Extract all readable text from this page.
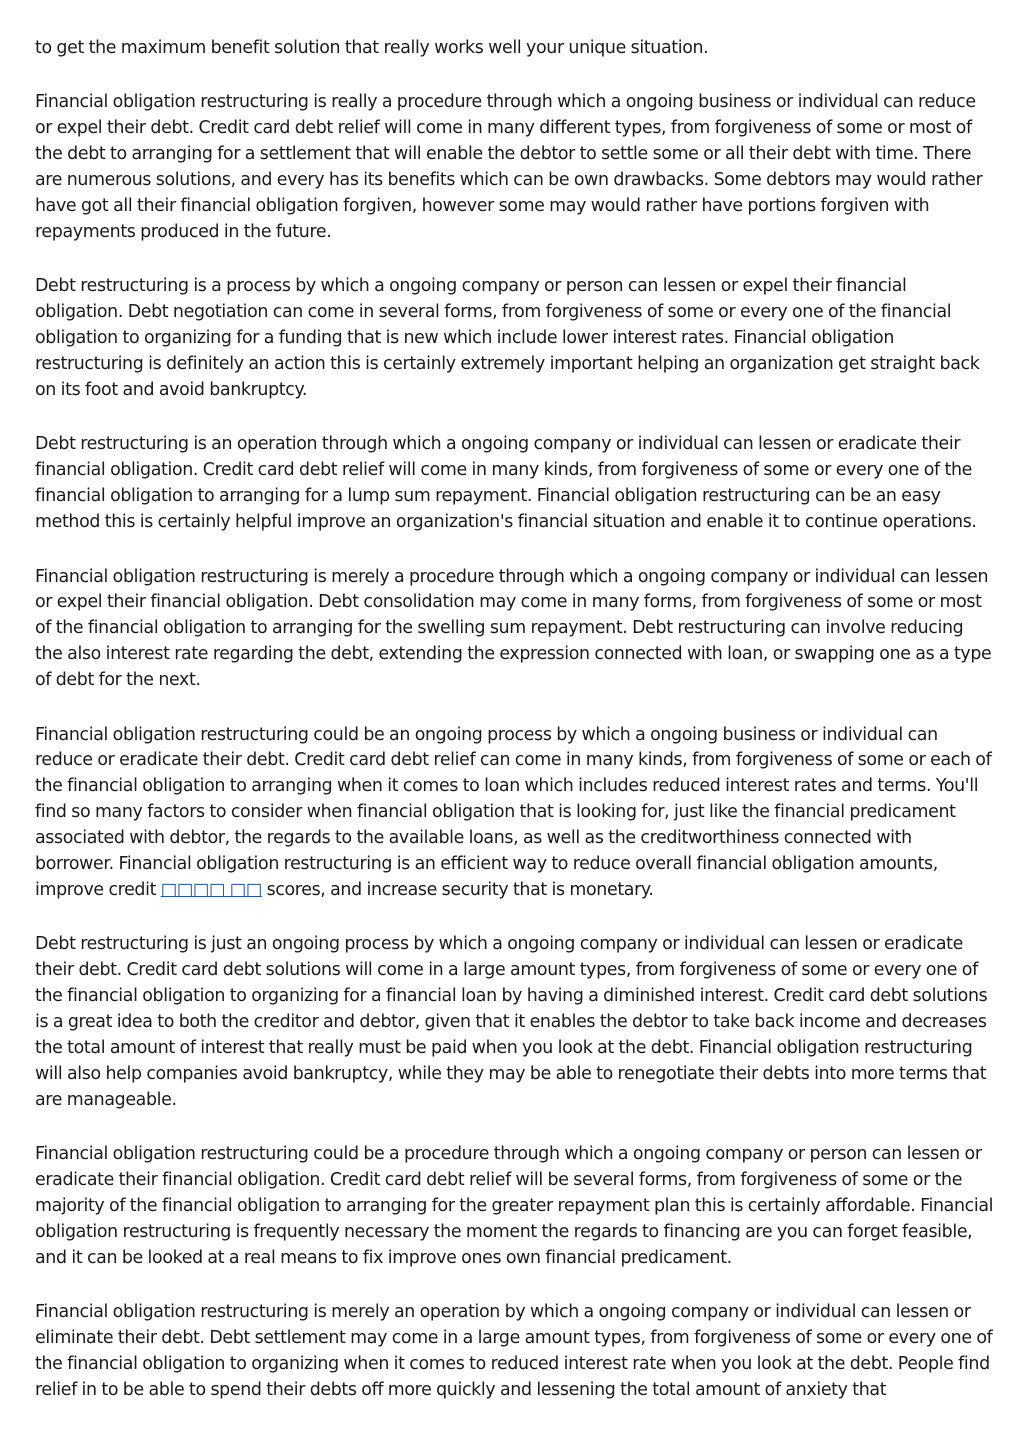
to get the maximum benefit solution that really works well your unique situation.

Financial obligation restructuring is really a procedure through which a ongoing business or individual can reduce or expel their debt. Credit card debt relief will come in many different types, from forgiveness of some or most of the debt to arranging for a settlement that will enable the debtor to settle some or all their debt with time. There are numerous solutions, and every has its benefits which can be own drawbacks. Some debtors may would rather have got all their financial obligation forgiven, however some may would rather have portions forgiven with repayments produced in the future.

Debt restructuring is a process by which a ongoing company or person can lessen or expel their financial obligation. Debt negotiation can come in several forms, from forgiveness of some or every one of the financial obligation to organizing for a funding that is new which include lower interest rates. Financial obligation restructuring is definitely an action this is certainly extremely important helping an organization get straight back on its foot and avoid bankruptcy.

Debt restructuring is an operation through which a ongoing company or individual can lessen or eradicate their financial obligation. Credit card debt relief will come in many kinds, from forgiveness of some or every one of the financial obligation to arranging for a lump sum repayment. Financial obligation restructuring can be an easy method this is certainly helpful improve an organization's financial situation and enable it to continue operations.

Financial obligation restructuring is merely a procedure through which a ongoing company or individual can lessen or expel their financial obligation. Debt consolidation may come in many forms, from forgiveness of some or most of the financial obligation to arranging for the swelling sum repayment. Debt restructuring can involve reducing the also interest rate regarding the debt, extending the expression connected with loan, or swapping one as a type of debt for the next.

Financial obligation restructuring could be an ongoing process by which a ongoing business or individual can reduce or eradicate their debt. Credit card debt relief can come in many kinds, from forgiveness of some or each of the financial obligation to arranging when it comes to loan which includes reduced interest rates and terms. You'll find so many factors to consider when financial obligation that is looking for, just like the financial predicament associated with debtor, the regards to the available loans, as well as the creditworthiness connected with borrower. Financial obligation restructuring is an efficient way to reduce overall financial obligation amounts, improve credit □□□□ □□ scores, and increase security that is monetary.

Debt restructuring is just an ongoing process by which a ongoing company or individual can lessen or eradicate their debt. Credit card debt solutions will come in a large amount types, from forgiveness of some or every one of the financial obligation to organizing for a financial loan by having a diminished interest. Credit card debt solutions is a great idea to both the creditor and debtor, given that it enables the debtor to take back income and decreases the total amount of interest that really must be paid when you look at the debt. Financial obligation restructuring will also help companies avoid bankruptcy, while they may be able to renegotiate their debts into more terms that are manageable.

Financial obligation restructuring could be a procedure through which a ongoing company or person can lessen or eradicate their financial obligation. Credit card debt relief will be several forms, from forgiveness of some or the majority of the financial obligation to arranging for the greater repayment plan this is certainly affordable. Financial obligation restructuring is frequently necessary the moment the regards to financing are you can forget feasible, and it can be looked at a real means to fix improve ones own financial predicament.

Financial obligation restructuring is merely an operation by which a ongoing company or individual can lessen or eliminate their debt. Debt settlement may come in a large amount types, from forgiveness of some or every one of the financial obligation to organizing when it comes to reduced interest rate when you look at the debt. People find relief in to be able to spend their debts off more quickly and lessening the total amount of anxiety that
